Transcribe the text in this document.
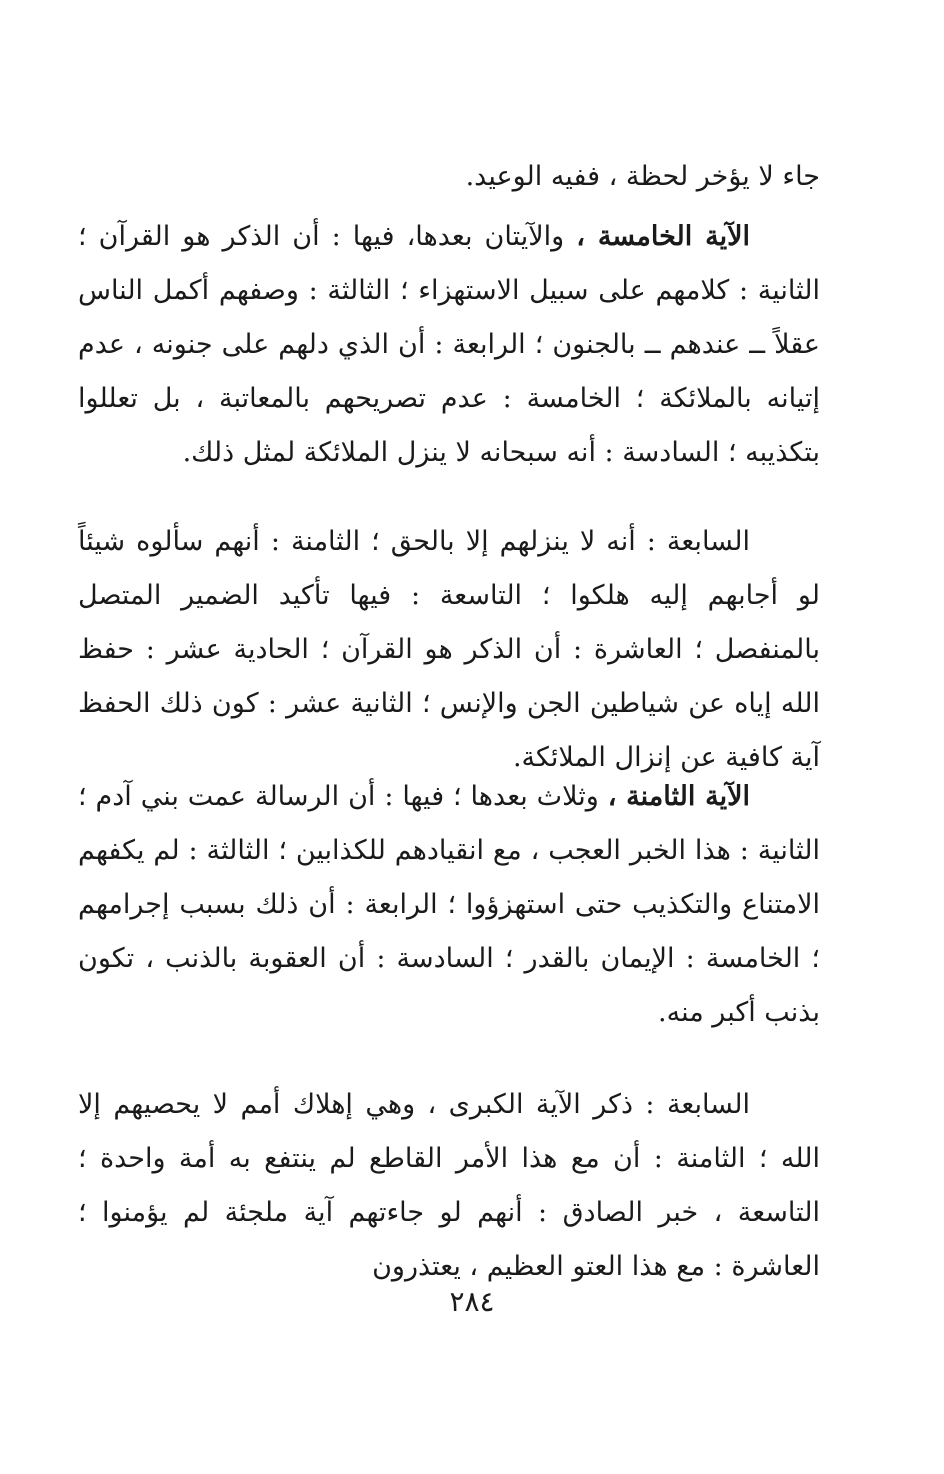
جاء لا يؤخر لحظة ، ففيه الوعيد.

الآية الخامسة ، والآيتان بعدها، فيها : أن الذكر هو القرآن ؛ الثانية : كلامهم على سبيل الاستهزاء ؛ الثالثة : وصفهم أكمل الناس عقلاً ــ عندهم ــ بالجنون ؛ الرابعة : أن الذي دلهم على جنونه ، عدم إتيانه بالملائكة ؛ الخامسة : عدم تصريحهم بالمعاتبة ، بل تعللوا بتكذيبه ؛ السادسة : أنه سبحانه لا ينزل الملائكة لمثل ذلك.

السابعة : أنه لا ينزلهم إلا بالحق ؛ الثامنة : أنهم سألوه شيئاً لو أجابهم إليه هلكوا ؛ التاسعة : فيها تأكيد الضمير المتصل بالمنفصل ؛ العاشرة : أن الذكر هو القرآن ؛ الحادية عشر : حفظ الله إياه عن شياطين الجن والإنس ؛ الثانية عشر : كون ذلك الحفظ آية كافية عن إنزال الملائكة.

الآية الثامنة ، وثلاث بعدها ؛ فيها : أن الرسالة عمت بني آدم ؛ الثانية : هذا الخبر العجب ، مع انقيادهم للكذابين ؛ الثالثة : لم يكفهم الامتناع والتكذيب حتى استهزؤوا ؛ الرابعة : أن ذلك بسبب إجرامهم ؛ الخامسة : الإيمان بالقدر ؛ السادسة : أن العقوبة بالذنب ، تكون بذنب أكبر منه.

السابعة : ذكر الآية الكبرى ، وهي إهلاك أمم لا يحصيهم إلا الله ؛ الثامنة : أن مع هذا الأمر القاطع لم ينتفع به أمة واحدة ؛ التاسعة ، خبر الصادق : أنهم لو جاءتهم آية ملجئة لم يؤمنوا ؛ العاشرة : مع هذا العتو العظيم ، يعتذرون

٢٨٤
